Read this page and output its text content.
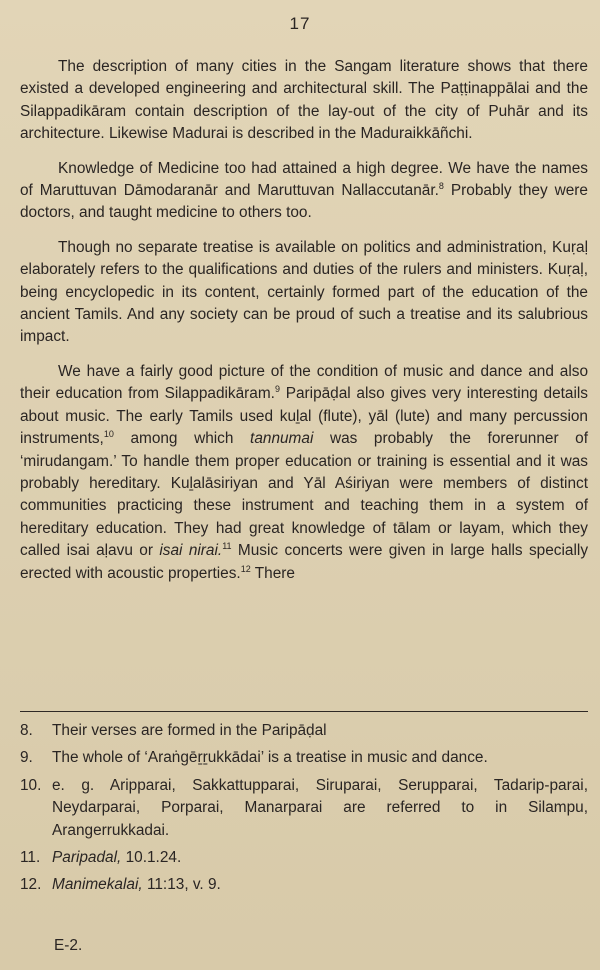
17

The description of many cities in the Sangam literature shows that there existed a developed engineering and architectural skill. The Paṭṭinappālai and the Silappadikāram contain description of the lay-out of the city of Puhār and its architecture. Likewise Madurai is described in the Maduraikkāñchi.

Knowledge of Medicine too had attained a high degree. We have the names of Maruttuvan Dāmodaranār and Maruttuvan Nallaccutanār.$^8$ Probably they were doctors, and taught medicine to others too.

Though no separate treatise is available on politics and administration, Kuṛaḷ elaborately refers to the qualifications and duties of the rulers and ministers. Kuṛaḷ, being encyclopedic in its content, certainly formed part of the education of the ancient Tamils. And any society can be proud of such a treatise and its salubrious impact.

We have a fairly good picture of the condition of music and dance and also their education from Silappadikāram.$^9$ Paripāḍal also gives very interesting details about music. The early Tamils used kuḻal (flute), yāl (lute) and many percussion instruments,$^{10}$ among which tannumai was probably the forerunner of ‘mirudangam.’ To handle them proper education or training is essential and it was probably hereditary. Kuḻalāsiriyan and Yāl Aśiriyan were members of distinct communities practicing these instrument and teaching them in a system of hereditary education. They had great knowledge of tālam or layam, which they called isai aḷavu or isai nirai.$^{11}$ Music concerts were given in large halls specially erected with acoustic properties.$^{12}$ There

8.	Their verses are formed in the Paripāḍal
9.	The whole of ‘Araṅgēṟṟukkādai’ is a treatise in music and dance.
10. e. g. Aripparai, Sakkattupparai, Siruparai, Serupparai, Tadarip-parai, Neydarparai, Porparai, Manarparai are referred to in Silampu, Arangerrukkadai.
11. Paripadal, 10.1.24.
12. Manimekalai, 11:13, v. 9.
E-2.
